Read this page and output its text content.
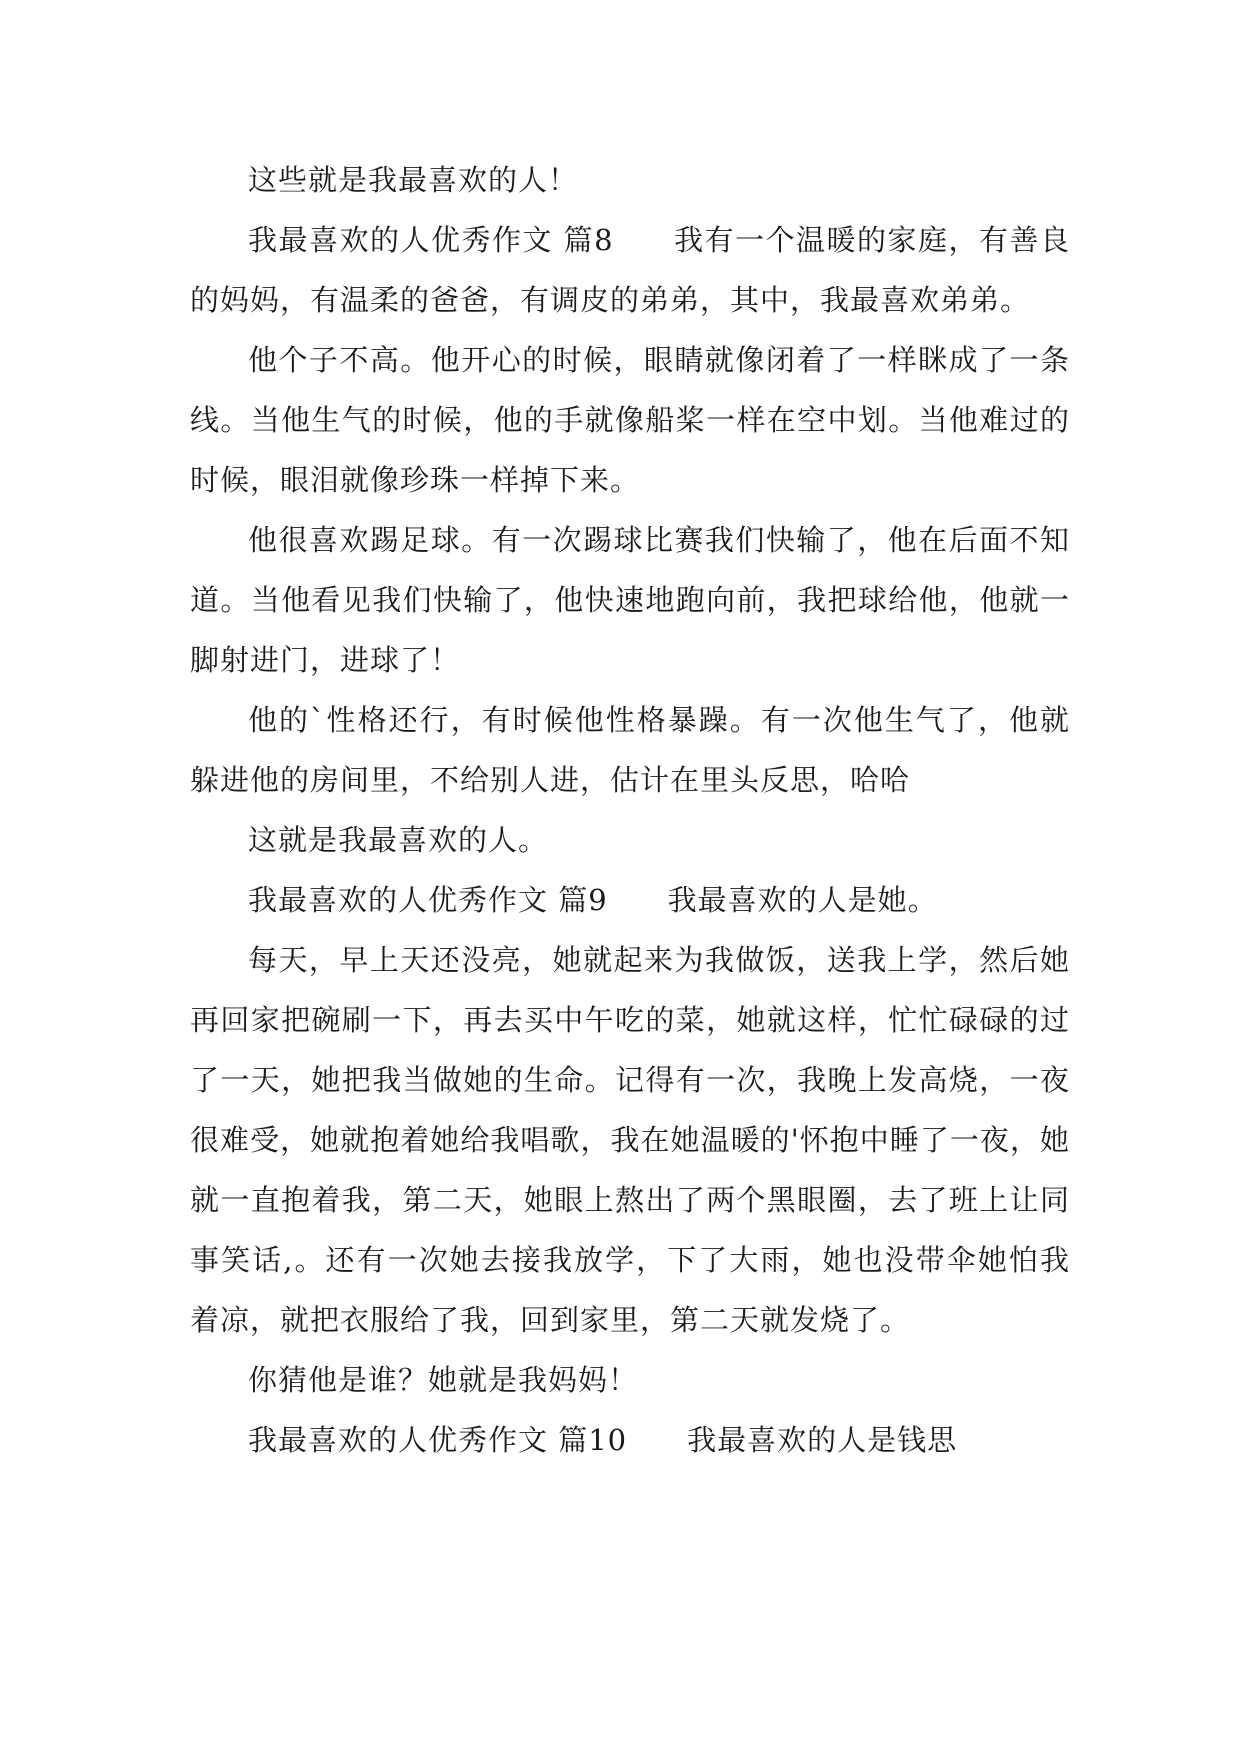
这些就是我最喜欢的人！

我最喜欢的人优秀作文 篇8 我有一个温暖的家庭，有善良的妈妈，有温柔的爸爸，有调皮的弟弟，其中，我最喜欢弟弟。

他个子不高。他开心的时候，眼睛就像闭着了一样眯成了一条线。当他生气的时候，他的手就像船桨一样在空中划。当他难过的时候，眼泪就像珍珠一样掉下来。

他很喜欢踢足球。有一次踢球比赛我们快输了，他在后面不知道。当他看见我们快输了，他快速地跑向前，我把球给他，他就一脚射进门，进球了！

他的`性格还行，有时候他性格暴躁。有一次他生气了，他就躲进他的房间里，不给别人进，估计在里头反思，哈哈

这就是我最喜欢的人。

我最喜欢的人优秀作文 篇9 我最喜欢的人是她。

每天，早上天还没亮，她就起来为我做饭，送我上学，然后她再回家把碗刷一下，再去买中午吃的菜，她就这样，忙忙碌碌的过了一天，她把我当做她的生命。记得有一次，我晚上发高烧，一夜很难受，她就抱着她给我唱歌，我在她温暖的'怀抱中睡了一夜，她就一直抱着我，第二天，她眼上熬出了两个黑眼圈，去了班上让同事笑话,。还有一次她去接我放学，下了大雨，她也没带伞她怕我着凉，就把衣服给了我，回到家里，第二天就发烧了。

你猜他是谁？她就是我妈妈！

我最喜欢的人优秀作文 篇10 我最喜欢的人是钱思
